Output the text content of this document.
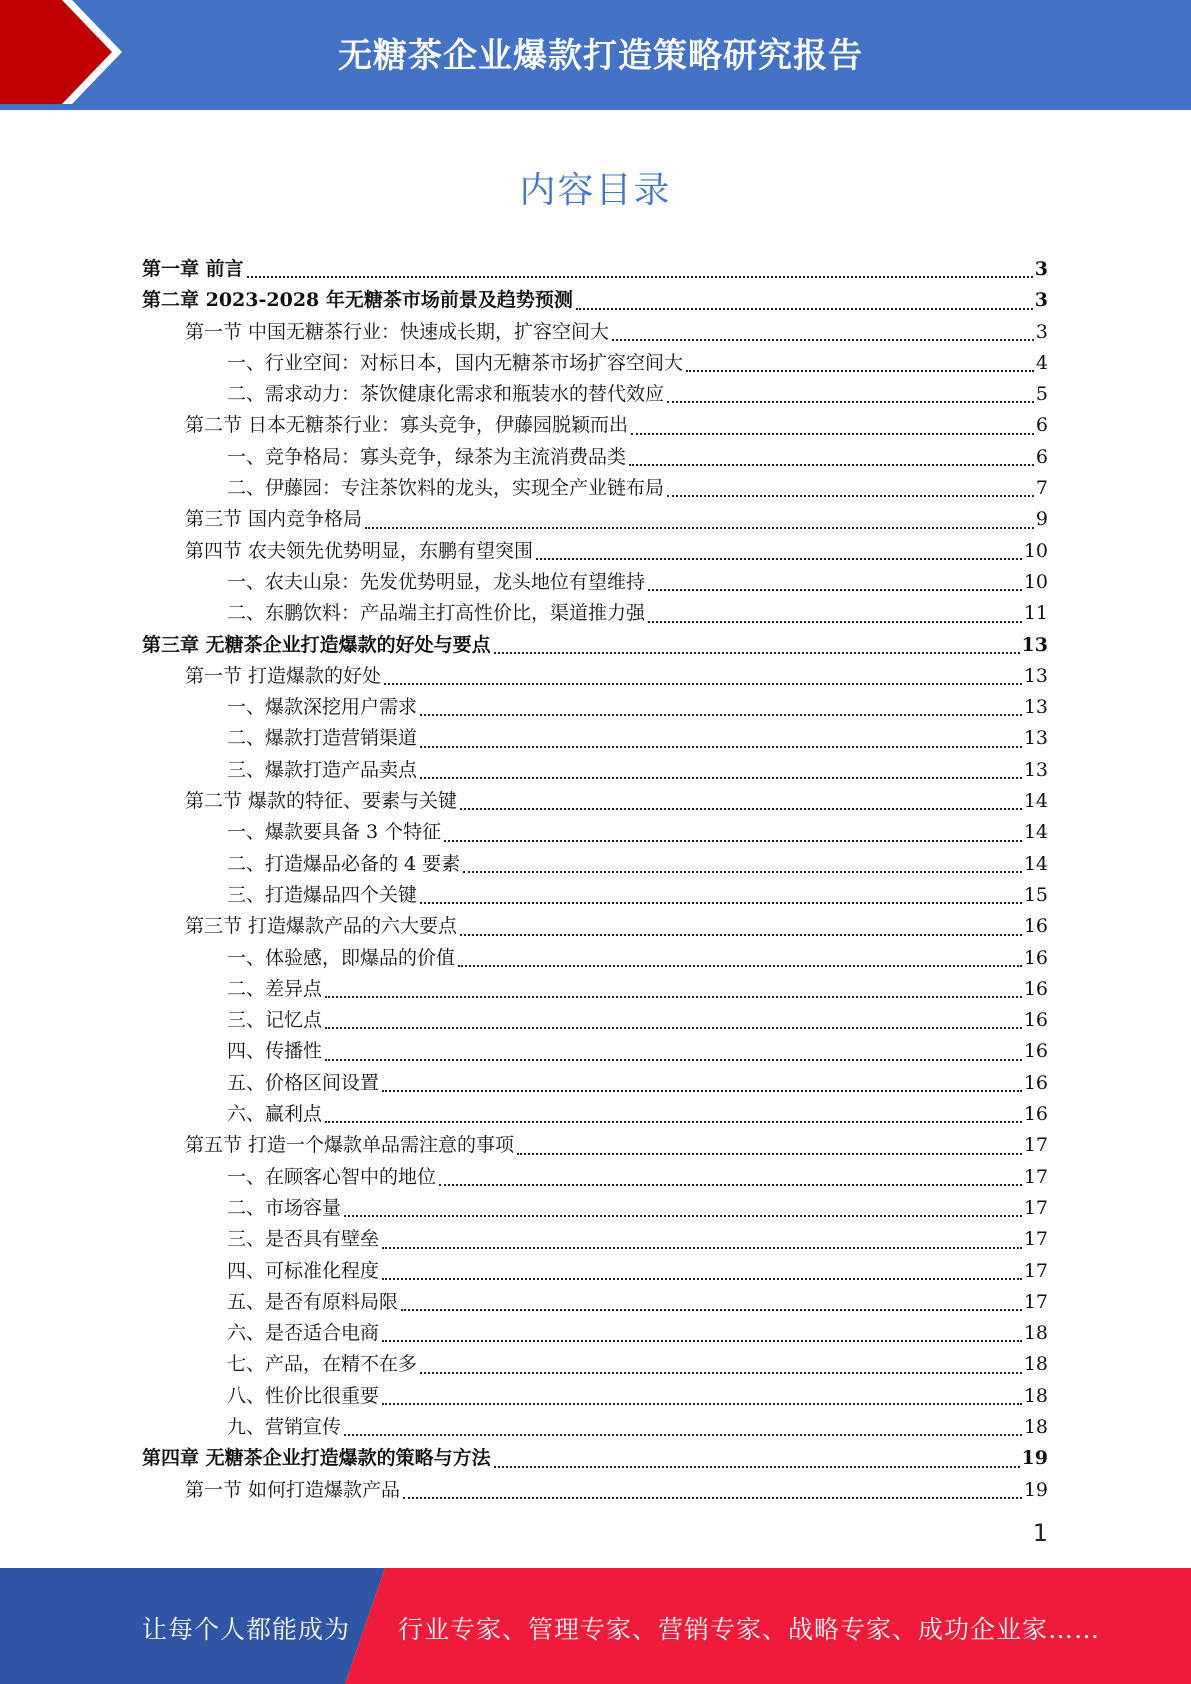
无糖茶企业爆款打造策略研究报告
内容目录
第一章 前言	3
第二章 2023-2028 年无糖茶市场前景及趋势预测	3
第一节 中国无糖茶行业：快速成长期，扩容空间大	3
一、行业空间：对标日本，国内无糖茶市场扩容空间大	4
二、需求动力：茶饮健康化需求和瓶装水的替代效应	5
第二节 日本无糖茶行业：寡头竞争，伊藤园脱颖而出	6
一、竞争格局：寡头竞争，绿茶为主流消费品类	6
二、伊藤园：专注茶饮料的龙头，实现全产业链布局	7
第三节 国内竞争格局	9
第四节 农夫领先优势明显，东鹏有望突围	10
一、农夫山泉：先发优势明显，龙头地位有望维持	10
二、东鹏饮料：产品端主打高性价比，渠道推力强	11
第三章 无糖茶企业打造爆款的好处与要点	13
第一节 打造爆款的好处	13
一、爆款深挖用户需求	13
二、爆款打造营销渠道	13
三、爆款打造产品卖点	13
第二节 爆款的特征、要素与关键	14
一、爆款要具备 3 个特征	14
二、打造爆品必备的 4 要素	14
三、打造爆品四个关键	15
第三节 打造爆款产品的六大要点	16
一、体验感，即爆品的价值	16
二、差异点	16
三、记忆点	16
四、传播性	16
五、价格区间设置	16
六、赢利点	16
第五节 打造一个爆款单品需注意的事项	17
一、在顾客心智中的地位	17
二、市场容量	17
三、是否具有壁垒	17
四、可标准化程度	17
五、是否有原料局限	17
六、是否适合电商	18
七、产品，在精不在多	18
八、性价比很重要	18
九、营销宣传	18
第四章 无糖茶企业打造爆款的策略与方法	19
第一节 如何打造爆款产品	19
1
让每个人都能成为 行业专家、管理专家、营销专家、战略专家、成功企业家……
